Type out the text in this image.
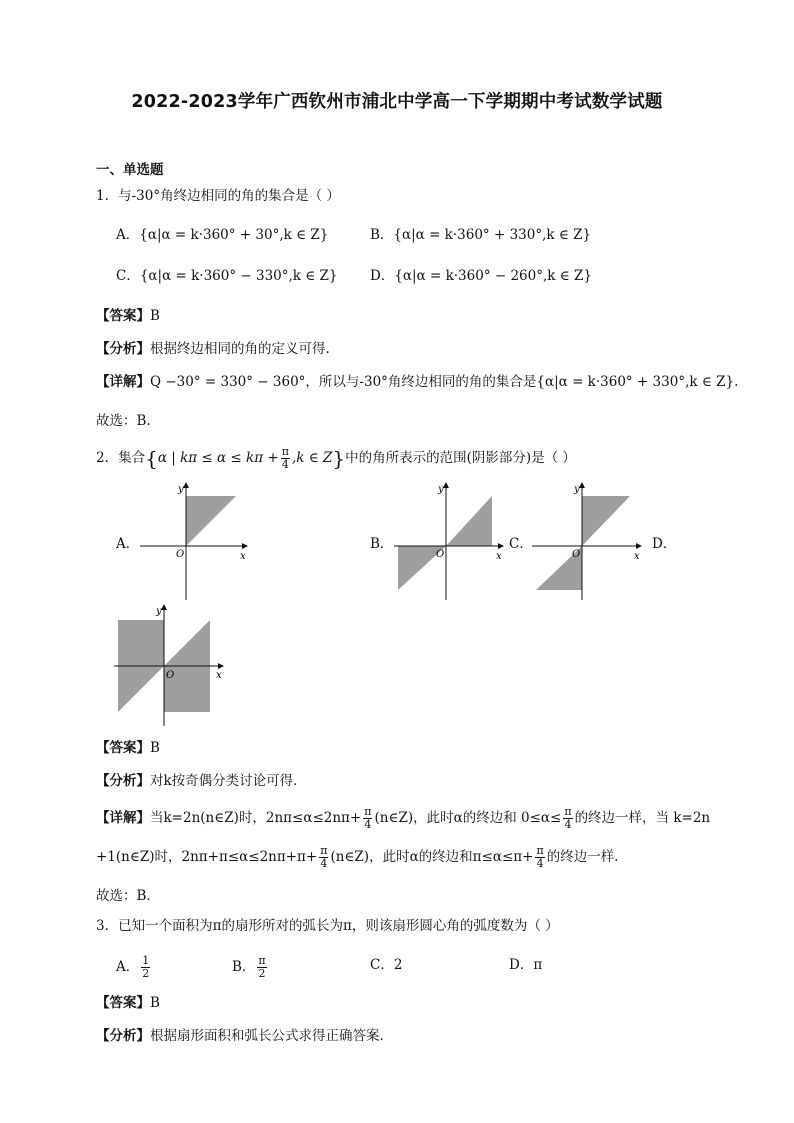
2022-2023学年广西钦州市浦北中学高一下学期期中考试数学试题
一、单选题
1．与-30°角终边相同的角的集合是（ ）
A．{α|α = k·360° + 30°,k ∈ Z}	B．{α|α = k·360° + 330°,k ∈ Z}
C．{α|α = k·360° − 330°,k ∈ Z} D．{α|α = k·360° − 260°,k ∈ Z}
【答案】B
【分析】根据终边相同的角的定义可得.
【详解】Q −30° = 330° − 360°，所以与-30°角终边相同的角的集合是{α|α = k·360° + 330°,k ∈ Z}.
故选：B.
2．集合{α | $k\pi \le \alpha \le k\pi + \frac{\pi}{4} ,k$ ∈ Z}中的角所表示的范围(阴影部分)是（ ）
A．	B．	C．	D．
x
y
O	x
y
O	x
y
O
x
y
O
【答案】B
【分析】对k按奇偶分类讨论可得．
【详解】当k=2n(n∈Z)时，$2n\pi\le\alpha\le 2n\pi+ \frac{\pi}{4}$ (n∈Z)，此时α的终边和 $0\le\alpha\le \frac{\pi}{4}$ 的终边一样，当 k=2n
+1(n∈Z)时，$2n\pi+\pi\le\alpha\le 2n\pi+\pi+ \frac{\pi}{4}$ (n∈Z)，此时α的终边和$\pi\le\alpha\le\pi+ \frac{\pi}{4}$ 的终边一样．
故选：B．
3．已知一个面积为π的扇形所对的弧长为π，则该扇形圆心角的弧度数为（ ）
A． $\frac{1}{2}$	B． $\frac{\pi}{2}$	C．2	D．π
【答案】B
【分析】根据扇形面积和弧长公式求得正确答案.
